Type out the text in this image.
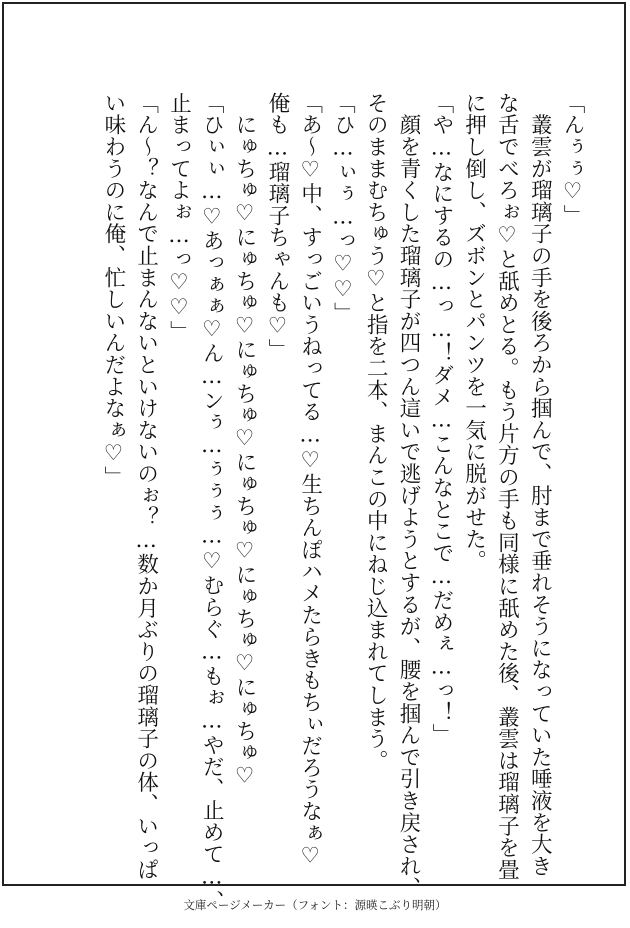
「んぅぅ♡」

　叢雲が瑠璃子の手を後ろから掴んで、肘まで垂れそうになっていた唾液を大き

な舌でべろぉ♡と舐めとる。もう片方の手も同様に舐めた後、叢雲は瑠璃子を畳

に押し倒し、ズボンとパンツを一気に脱がせた。

「や…なにするの…っ…！ダメ…こんなとこで…だめぇ…っ！」

　顔を青くした瑠璃子が四つん這いで逃げようとするが、腰を掴んで引き戻され、

そのままむちゅう♡と指を二本、まんこの中にねじ込まれてしまう。

「ひ…ぃぅ…っ♡♡」

「あ〜♡中、すっごいうねってる…♡生ちんぽハメたらきもちぃだろうなぁ♡

俺も…瑠璃子ちゃんも♡」

　にゅちゅ♡にゅちゅ♡にゅちゅ♡にゅちゅ♡にゅちゅ♡にゅちゅ♡

「ひぃぃ…♡あっぁぁ♡ん…ンぅ…ぅぅぅ…♡むらぐ…もぉ…やだ、止めて…、

止まってよぉ…っ♡♡」

「ん〜？なんで止まんないといけないのぉ？…数か月ぶりの瑠璃子の体、いっぱ

い味わうのに俺、忙しいんだよなぁ♡」

文庫ページメーカー（フォント：源暎こぶり明朝）
